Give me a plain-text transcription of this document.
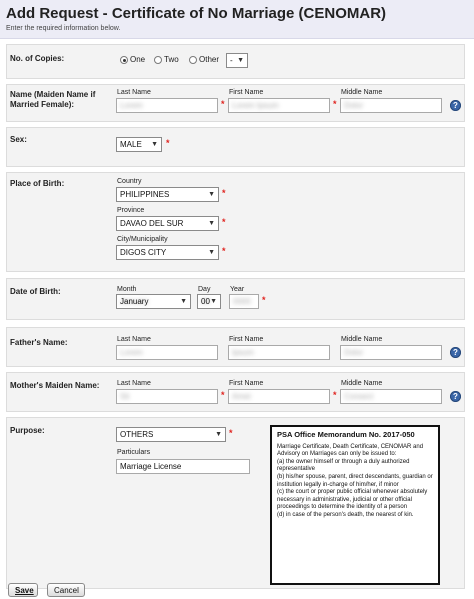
Add Request - Certificate of No Marriage (CENOMAR)
Enter the required information below.
No. of Copies:	One Two	Other	- ▼
Name (Maiden Name if Married Female):
Last Name
Lorem	*
First Name
Lorem Ipsum	*
Middle Name
Dolor	?
Sex:
MALE ▼ *
Place of Birth:	Country
PHILIPPINES	▼ *
Province
DAVAO DEL SUR	▼ *
City/Municipality
DIGOS CITY	▼ *
Date of Birth:	Month
January	▼
Day
00 ▼
Year
0000	*
Father's Name:	Last Name
Lorem
First Name
Ipsum
Middle Name
Dolor	?
Mother's Maiden Name:	Last Name
Sit	*
First Name
Amet	*
Middle Name
Consect	?
Purpose:	OTHERS	▼ *
Particulars
Marriage License
PSA Office Memorandum No. 2017-050
Marriage Certificate, Death Certificate, CENOMAR and Advisory on Marriages can only be issued to:
(a) the owner himself or through a duly authorized representative
(b) his/her spouse, parent, direct descendants, guardian or institution legally in-charge of him/her, if minor
(c) the court or proper public official whenever absolutely necessary in administrative, judicial or other official proceedings to determine the identity of a person
(d) in case of the person's death, the nearest of kin.
Save	Cancel
